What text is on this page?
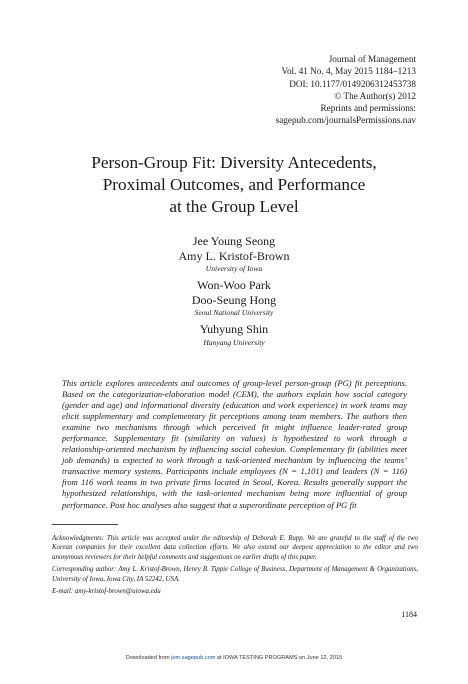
Journal of Management
Vol. 41 No. 4, May 2015 1184–1213
DOI: 10.1177/0149206312453738
© The Author(s) 2012
Reprints and permissions:
sagepub.com/journalsPermissions.nav
Person-Group Fit: Diversity Antecedents,
Proximal Outcomes, and Performance
at the Group Level
Jee Young Seong
Amy L. Kristof-Brown
University of Iowa
Won-Woo Park
Doo-Seung Hong
Seoul National University
Yuhyung Shin
Hanyang University

This article explores antecedents and outcomes of group-level person-group (PG) fit perceptions. Based on the categorization-elaboration model (CEM), the authors explain how social category (gender and age) and informational diversity (education and work experience) in work teams may elicit supplementary and complementary fit perceptions among team members. The authors then examine two mechanisms through which perceived fit might influence leader-rated group performance. Supplementary fit (similarity on values) is hypothesized to work through a relationship-oriented mechanism by influencing social cohesion. Complementary fit (abilities meet job demands) is expected to work through a task-oriented mechanism by influencing the teams’ transactive memory systems. Participants include employees (N = 1,101) and leaders (N = 116) from 116 work teams in two private firms located in Seoul, Korea. Results generally support the hypothesized relationships, with the task-oriented mechanism being more influential of group performance. Post hoc analyses also suggest that a superordinate perception of PG fit

Acknowledgments: This article was accepted under the editorship of Deborah E. Rupp. We are grateful to the staff of the two Korean companies for their excellent data collection efforts. We also extend our deepest appreciation to the editor and two anonymous reviewers for their helpful comments and suggestions on earlier drafts of this paper.

Corresponding author: Amy L. Kristof-Brown, Henry B. Tippie College of Business, Department of Management & Organizations, University of Iowa, Iowa City, IA 52242, USA.

E-mail: amy-kristof-brown@uiowa.edu

1184
Downloaded from jom.sagepub.com at IOWA TESTING PROGRAMS on June 12, 2015
